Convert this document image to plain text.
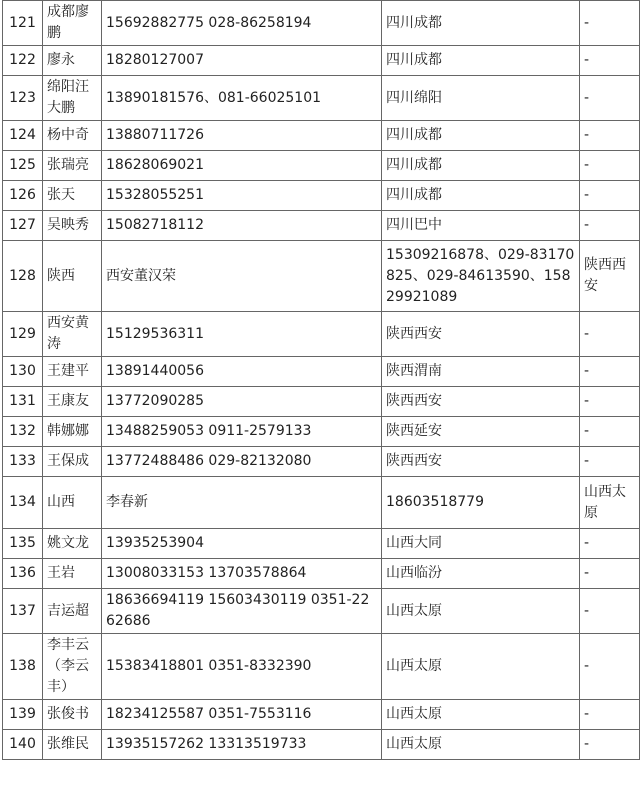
121	成都廖鹏	15692882775 028-86258194	四川成都	-
122	廖永	18280127007	四川成都	-
123	绵阳汪大鹏	13890181576、081-66025101	四川绵阳	-
124	杨中奇	13880711726	四川成都	-
125	张瑞亮	18628069021	四川成都	-
126	张天	15328055251	四川成都	-
127	吴映秀	15082718112	四川巴中	-
128	陕西	西安董汉荣	15309216878、029-83170825、029-84613590、15829921089	陕西西安
129	西安黄涛	15129536311	陕西西安	-
130	王建平	13891440056	陕西渭南	-
131	王康友	13772090285	陕西西安	-
132	韩娜娜	13488259053 0911-2579133	陕西延安	-
133	王保成	13772488486 029-82132080	陕西西安	-
134	山西	李春新	18603518779	山西太原
135	姚文龙	13935253904	山西大同	-
136	王岩	13008033153 13703578864	山西临汾	-
137	吉运超	18636694119 15603430119 0351-2262686	山西太原	-
138	李丰云（李云丰）	15383418801 0351-8332390	山西太原	-
139	张俊书	18234125587 0351-7553116	山西太原	-
140	张维民	13935157262 13313519733	山西太原	-
